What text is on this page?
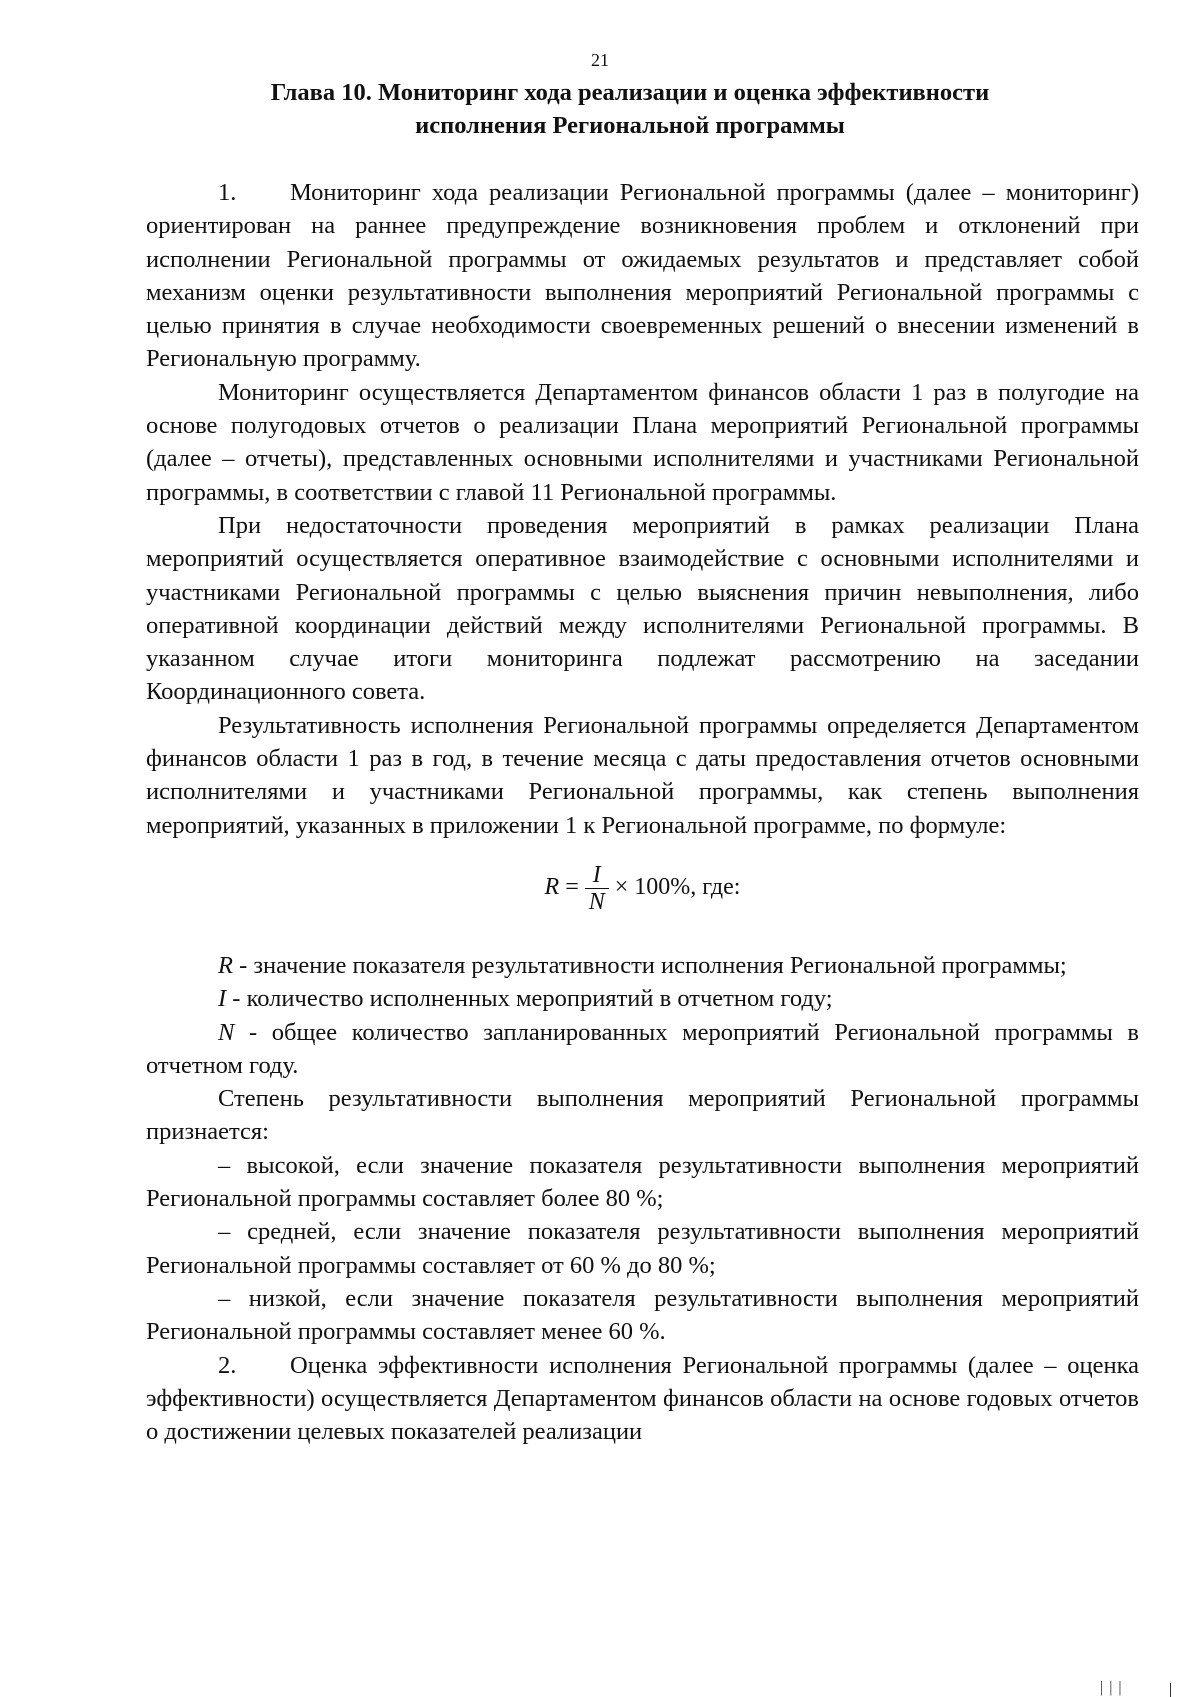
21
Глава 10. Мониторинг хода реализации и оценка эффективности
исполнения Региональной программы

1. Мониторинг хода реализации Региональной программы (далее – мониторинг) ориентирован на раннее предупреждение возникновения проблем и отклонений при исполнении Региональной программы от ожидаемых результатов и представляет собой механизм оценки результативности выполнения мероприятий Региональной программы с целью принятия в случае необходимости своевременных решений о внесении изменений в Региональную программу.

Мониторинг осуществляется Департаментом финансов области 1 раз в полугодие на основе полугодовых отчетов о реализации Плана мероприятий Региональной программы (далее – отчеты), представленных основными исполнителями и участниками Региональной программы, в соответствии с главой 11 Региональной программы.

При недостаточности проведения мероприятий в рамках реализации Плана мероприятий осуществляется оперативное взаимодействие с основными исполнителями и участниками Региональной программы с целью выяснения причин невыполнения, либо оперативной координации действий между исполнителями Региональной программы. В указанном случае итоги мониторинга подлежат рассмотрению на заседании Координационного совета.

Результативность исполнения Региональной программы определяется Департаментом финансов области 1 раз в год, в течение месяца с даты предоставления отчетов основными исполнителями и участниками Региональной программы, как степень выполнения мероприятий, указанных в приложении 1 к Региональной программе, по формуле:

$R = \frac{I}{N} \times 100\%$, где:

R - значение показателя результативности исполнения Региональной программы;

I - количество исполненных мероприятий в отчетном году;

N - общее количество запланированных мероприятий Региональной программы в отчетном году.

Степень результативности выполнения мероприятий Региональной программы признается:

– высокой, если значение показателя результативности выполнения мероприятий Региональной программы составляет более 80 %;

– средней, если значение показателя результативности выполнения мероприятий Региональной программы составляет от 60 % до 80 %;

– низкой, если значение показателя результативности выполнения мероприятий Региональной программы составляет менее 60 %.

2. Оценка эффективности исполнения Региональной программы (далее – оценка эффективности) осуществляется Департаментом финансов области на основе годовых отчетов о достижении целевых показателей реализации

| | |
